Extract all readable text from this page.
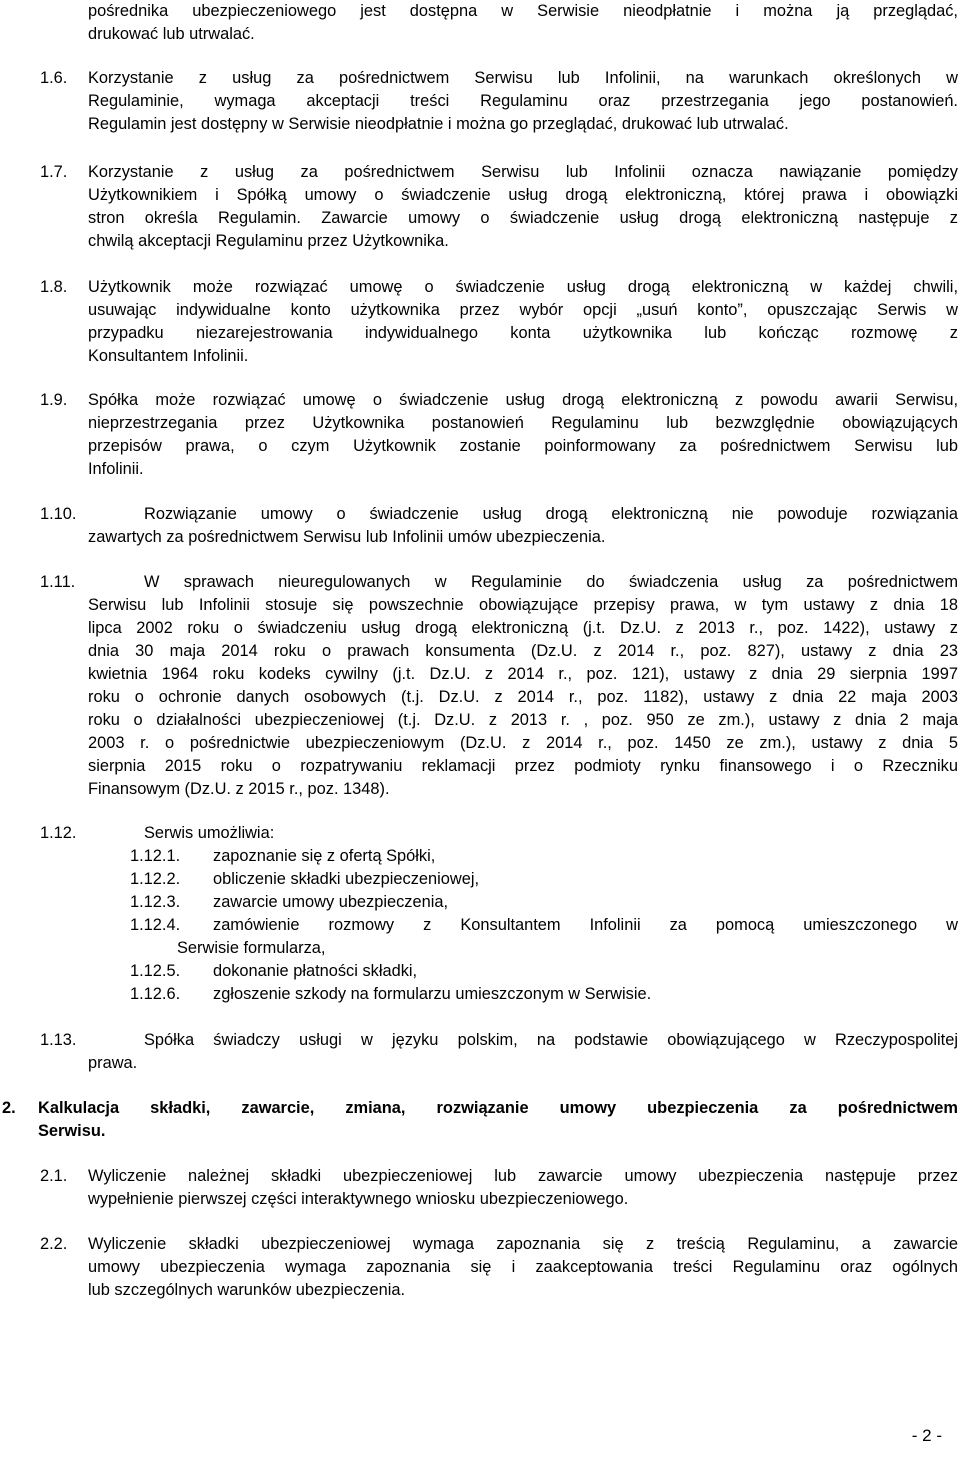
pośrednika ubezpieczeniowego jest dostępna w Serwisie nieodpłatnie i można ją przeglądać,
drukować lub utrwalać.
1.6. Korzystanie z usług za pośrednictwem Serwisu lub Infolinii, na warunkach określonych w
Regulaminie, wymaga akceptacji treści Regulaminu oraz przestrzegania jego postanowień.
Regulamin jest dostępny w Serwisie nieodpłatnie i można go przeglądać, drukować lub utrwalać.
1.7. Korzystanie z usług za pośrednictwem Serwisu lub Infolinii oznacza nawiązanie pomiędzy
Użytkownikiem i Spółką umowy o świadczenie usług drogą elektroniczną, której prawa i obowiązki
stron określa Regulamin. Zawarcie umowy o świadczenie usług drogą elektroniczną następuje z
chwilą akceptacji Regulaminu przez Użytkownika.
1.8. Użytkownik może rozwiązać umowę o świadczenie usług drogą elektroniczną w każdej chwili,
usuwając indywidualne konto użytkownika przez wybór opcji „usuń konto”, opuszczając Serwis w
przypadku niezarejestrowania indywidualnego konta użytkownika lub kończąc rozmowę z
Konsultantem Infolinii.
1.9. Spółka może rozwiązać umowę o świadczenie usług drogą elektroniczną z powodu awarii Serwisu,
nieprzestrzegania przez Użytkownika postanowień Regulaminu lub bezwzględnie obowiązujących
przepisów prawa, o czym Użytkownik zostanie poinformowany za pośrednictwem Serwisu lub
Infolinii.
1.10.	Rozwiązanie umowy o świadczenie usług drogą elektroniczną nie powoduje rozwiązania
zawartych za pośrednictwem Serwisu lub Infolinii umów ubezpieczenia.
1.11.	W sprawach nieuregulowanych w Regulaminie do świadczenia usług za pośrednictwem
Serwisu lub Infolinii stosuje się powszechnie obowiązujące przepisy prawa, w tym ustawy z dnia 18
lipca 2002 roku o świadczeniu usług drogą elektroniczną (j.t. Dz.U. z 2013 r., poz. 1422), ustawy z
dnia 30 maja 2014 roku o prawach konsumenta (Dz.U. z 2014 r., poz. 827), ustawy z dnia 23
kwietnia 1964 roku kodeks cywilny (j.t. Dz.U. z 2014 r., poz. 121), ustawy z dnia 29 sierpnia 1997
roku o ochronie danych osobowych (t.j. Dz.U. z 2014 r., poz. 1182), ustawy z dnia 22 maja 2003
roku o działalności ubezpieczeniowej (t.j. Dz.U. z 2013 r. , poz. 950 ze zm.), ustawy z dnia 2 maja
2003 r. o pośrednictwie ubezpieczeniowym (Dz.U. z 2014 r., poz. 1450 ze zm.), ustawy z dnia 5
sierpnia 2015 roku o rozpatrywaniu reklamacji przez podmioty rynku finansowego i o Rzeczniku
Finansowym (Dz.U. z 2015 r., poz. 1348).
1.12.	Serwis umożliwia:
1.12.1. zapoznanie się z ofertą Spółki,
1.12.2. obliczenie składki ubezpieczeniowej,
1.12.3. zawarcie umowy ubezpieczenia,
1.12.4. zamówienie rozmowy z Konsultantem Infolinii za pomocą umieszczonego w
Serwisie formularza,
1.12.5. dokonanie płatności składki,
1.12.6. zgłoszenie szkody na formularzu umieszczonym w Serwisie.
1.13.	Spółka świadczy usługi w języku polskim, na podstawie obowiązującego w Rzeczypospolitej
prawa.
2. Kalkulacja składki, zawarcie, zmiana, rozwiązanie umowy ubezpieczenia za pośrednictwem
Serwisu.
2.1. Wyliczenie należnej składki ubezpieczeniowej lub zawarcie umowy ubezpieczenia następuje przez
wypełnienie pierwszej części interaktywnego wniosku ubezpieczeniowego.
2.2. Wyliczenie składki ubezpieczeniowej wymaga zapoznania się z treścią Regulaminu, a zawarcie
umowy ubezpieczenia wymaga zapoznania się i zaakceptowania treści Regulaminu oraz ogólnych
lub szczególnych warunków ubezpieczenia.
- 2 -
